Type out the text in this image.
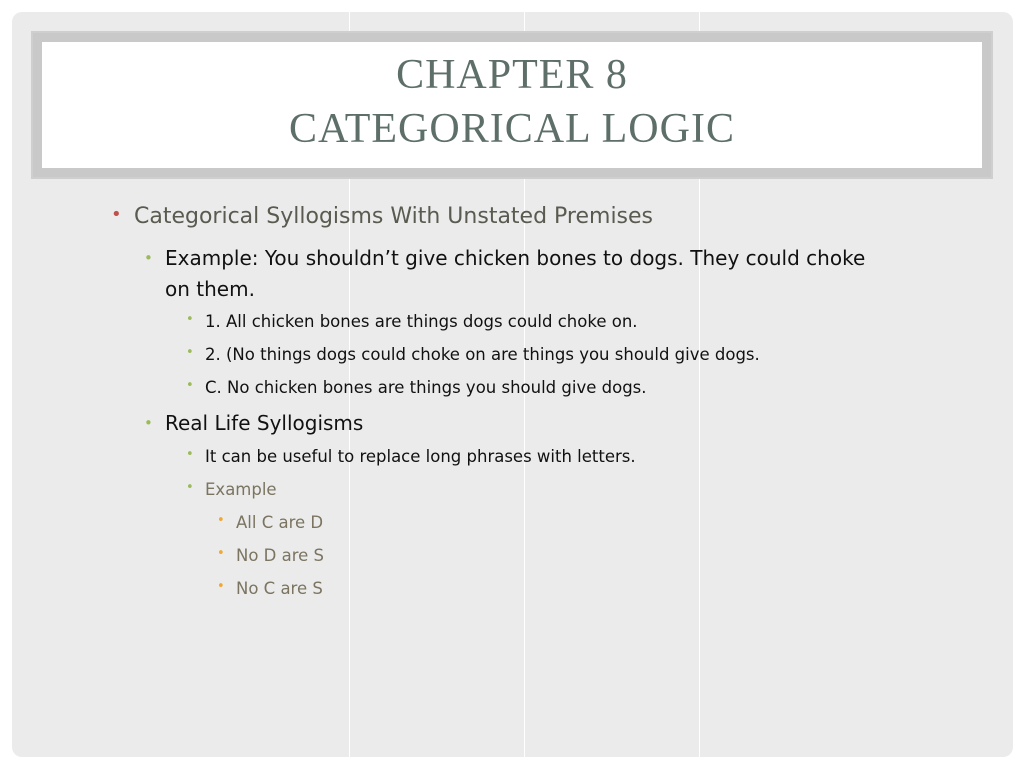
CHAPTER 8
CATEGORICAL LOGIC
• Categorical Syllogisms With Unstated Premises
• Example: You shouldn’t give chicken bones to dogs. They could choke on them.
• 1. All chicken bones are things dogs could choke on.
• 2. (No things dogs could choke on are things you should give dogs.
• C. No chicken bones are things you should give dogs.
• Real Life Syllogisms
• It can be useful to replace long phrases with letters.
• Example
• All C are D
• No D are S
• No C are S
